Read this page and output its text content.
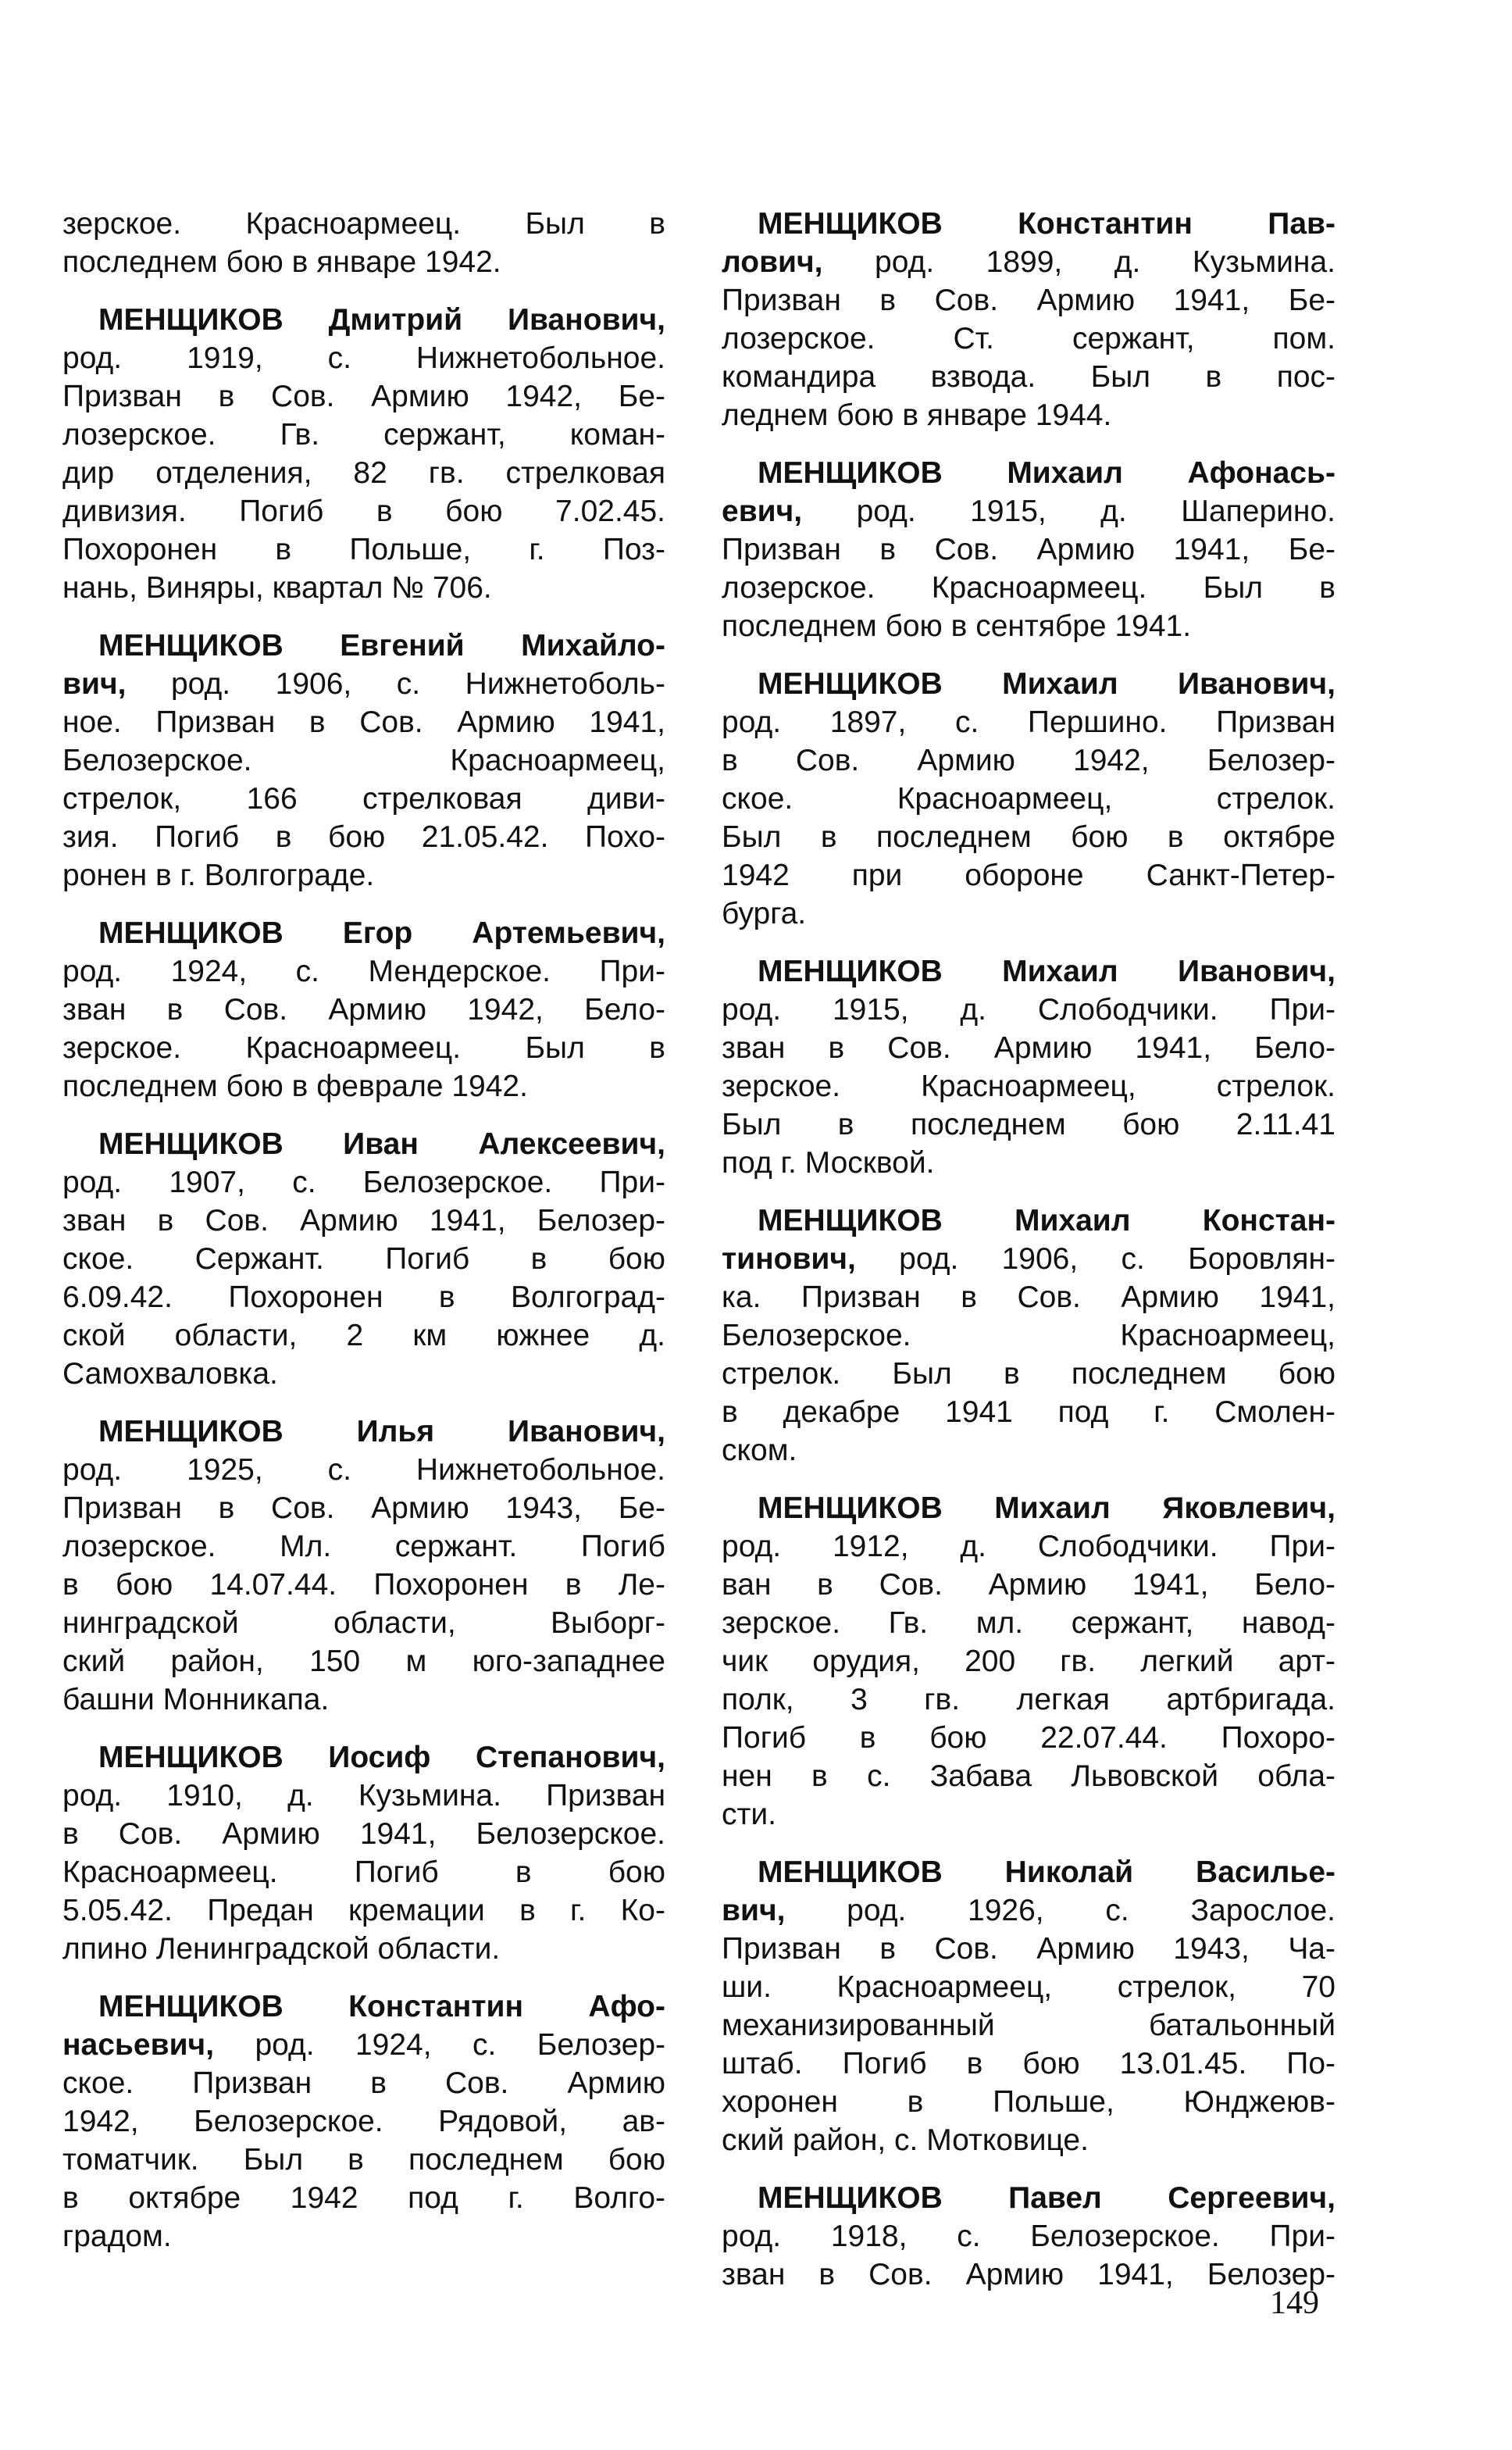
зерское. Красноармеец. Был в
последнем бою в январе 1942.
МЕНЩИКОВ Дмитрий Иванович,
род. 1919, с. Нижнетобольное.
Призван в Сов. Армию 1942, Бе-
лозерское. Гв. сержант, коман-
дир отделения, 82 гв. стрелковая
дивизия. Погиб в бою 7.02.45.
Похоронен в Польше, г. Поз-
нань, Виняры, квартал № 706.
МЕНЩИКОВ Евгений Михайло-
вич, род. 1906, с. Нижнетоболь-
ное. Призван в Сов. Армию 1941,
Белозерское. Красноармеец,
стрелок, 166 стрелковая диви-
зия. Погиб в бою 21.05.42. Похо-
ронен в г. Волгограде.
МЕНЩИКОВ Егор Артемьевич,
род. 1924, с. Мендерское. При-
зван в Сов. Армию 1942, Бело-
зерское. Красноармеец. Был в
последнем бою в феврале 1942.
МЕНЩИКОВ Иван Алексеевич,
род. 1907, с. Белозерское. При-
зван в Сов. Армию 1941, Белозер-
ское. Сержант. Погиб в бою
6.09.42. Похоронен в Волгоград-
ской области, 2 км южнее д.
Самохваловка.
МЕНЩИКОВ Илья Иванович,
род. 1925, с. Нижнетобольное.
Призван в Сов. Армию 1943, Бе-
лозерское. Мл. сержант. Погиб
в бою 14.07.44. Похоронен в Ле-
нинградской области, Выборг-
ский район, 150 м юго-западнее
башни Монникапа.
МЕНЩИКОВ Иосиф Степанович,
род. 1910, д. Кузьмина. Призван
в Сов. Армию 1941, Белозерское.
Красноармеец. Погиб в бою
5.05.42. Предан кремации в г. Ко-
лпино Ленинградской области.
МЕНЩИКОВ Константин Афо-
насьевич, род. 1924, с. Белозер-
ское. Призван в Сов. Армию
1942, Белозерское. Рядовой, ав-
томатчик. Был в последнем бою
в октябре 1942 под г. Волго-
градом.
МЕНЩИКОВ Константин Пав-
лович, род. 1899, д. Кузьмина.
Призван в Сов. Армию 1941, Бе-
лозерское. Ст. сержант, пом.
командира взвода. Был в пос-
леднем бою в январе 1944.
МЕНЩИКОВ Михаил Афонась-
евич, род. 1915, д. Шаперино.
Призван в Сов. Армию 1941, Бе-
лозерское. Красноармеец. Был в
последнем бою в сентябре 1941.
МЕНЩИКОВ Михаил Иванович,
род. 1897, с. Першино. Призван
в Сов. Армию 1942, Белозер-
ское. Красноармеец, стрелок.
Был в последнем бою в октябре
1942 при обороне Санкт-Петер-
бурга.
МЕНЩИКОВ Михаил Иванович,
род. 1915, д. Слободчики. При-
зван в Сов. Армию 1941, Бело-
зерское. Красноармеец, стрелок.
Был в последнем бою 2.11.41
под г. Москвой.
МЕНЩИКОВ Михаил Констан-
тинович, род. 1906, с. Боровлян-
ка. Призван в Сов. Армию 1941,
Белозерское. Красноармеец,
стрелок. Был в последнем бою
в декабре 1941 под г. Смолен-
ском.
МЕНЩИКОВ Михаил Яковлевич,
род. 1912, д. Слободчики. При-
ван в Сов. Армию 1941, Бело-
зерское. Гв. мл. сержант, навод-
чик орудия, 200 гв. легкий арт-
полк, 3 гв. легкая артбригада.
Погиб в бою 22.07.44. Похоро-
нен в с. Забава Львовской обла-
сти.
МЕНЩИКОВ Николай Василье-
вич, род. 1926, с. Зарослое.
Призван в Сов. Армию 1943, Ча-
ши. Красноармеец, стрелок, 70
механизированный батальонный
штаб. Погиб в бою 13.01.45. По-
хоронен в Польше, Юнджеюв-
ский район, с. Мотковице.
МЕНЩИКОВ Павел Сергеевич,
род. 1918, с. Белозерское. При-
зван в Сов. Армию 1941, Белозер-
149
